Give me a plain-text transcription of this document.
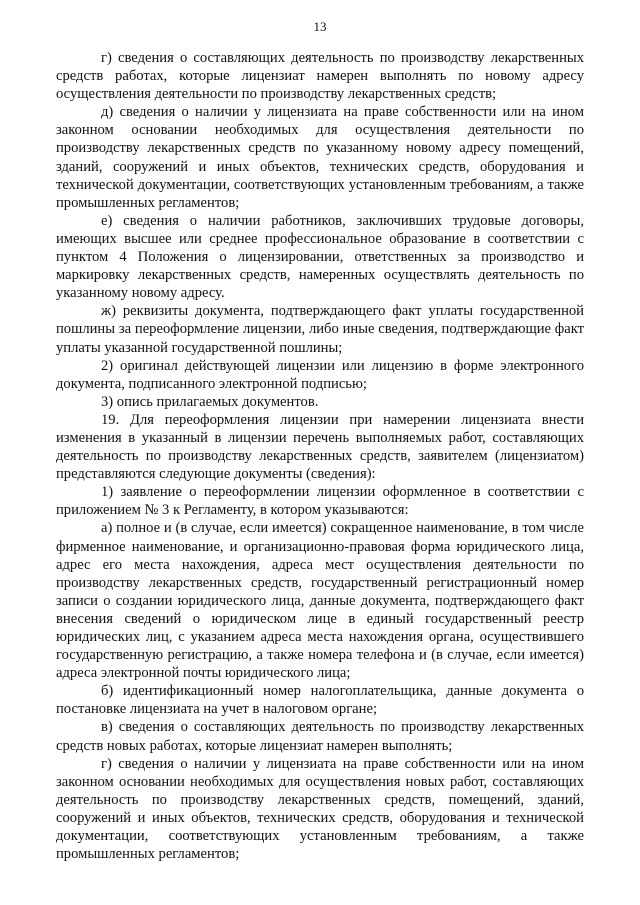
13

г) сведения о составляющих деятельность по производству лекарственных средств работах, которые лицензиат намерен выполнять по новому адресу осуществления деятельности по производству лекарственных средств;

д) сведения о наличии у лицензиата на праве собственности или на ином законном основании необходимых для осуществления деятельности по производству лекарственных средств по указанному новому адресу помещений, зданий, сооружений и иных объектов, технических средств, оборудования и технической документации, соответствующих установленным требованиям, а также промышленных регламентов;

е) сведения о наличии работников, заключивших трудовые договоры, имеющих высшее или среднее профессиональное образование в соответствии с пунктом 4 Положения о лицензировании, ответственных за производство и маркировку лекарственных средств, намеренных осуществлять деятельность по указанному новому адресу.

ж) реквизиты документа, подтверждающего факт уплаты государственной пошлины за переоформление лицензии, либо иные сведения, подтверждающие факт уплаты указанной государственной пошлины;

2) оригинал действующей лицензии или лицензию в форме электронного документа, подписанного электронной подписью;

3) опись прилагаемых документов.

19. Для переоформления лицензии при намерении лицензиата внести изменения в указанный в лицензии перечень выполняемых работ, составляющих деятельность по производству лекарственных средств, заявителем (лицензиатом) представляются следующие документы (сведения):

1) заявление о переоформлении лицензии оформленное в соответствии с приложением № 3 к Регламенту, в котором указываются:

а) полное и (в случае, если имеется) сокращенное наименование, в том числе фирменное наименование, и организационно-правовая форма юридического лица, адрес его места нахождения, адреса мест осуществления деятельности по производству лекарственных средств, государственный регистрационный номер записи о создании юридического лица, данные документа, подтверждающего факт внесения сведений о юридическом лице в единый государственный реестр юридических лиц, с указанием адреса места нахождения органа, осуществившего государственную регистрацию, а также номера телефона и (в случае, если имеется) адреса электронной почты юридического лица;

б) идентификационный номер налогоплательщика, данные документа о постановке лицензиата на учет в налоговом органе;

в) сведения о составляющих деятельность по производству лекарственных средств новых работах, которые лицензиат намерен выполнять;

г) сведения о наличии у лицензиата на праве собственности или на ином законном основании необходимых для осуществления новых работ, составляющих деятельность по производству лекарственных средств, помещений, зданий, сооружений и иных объектов, технических средств, оборудования и технической документации, соответствующих установленным требованиям, а также промышленных регламентов;
